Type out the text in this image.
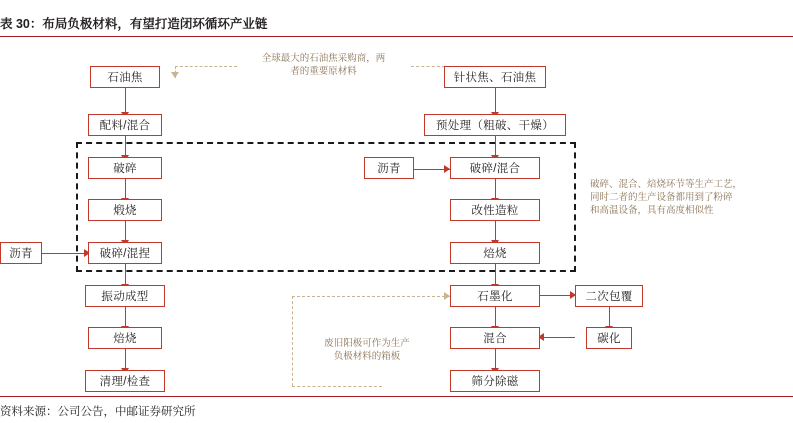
表 30：布局负极材料，有望打造闭环循环产业链
全球最大的石油焦采购商，两
者的重要原材料
破碎、混合、焙烧环节等生产工艺，
同时二者的生产设备都用到了粉碎
和高温设备，具有高度相似性
废旧阳极可作为生产
负极材料的箱板
石油焦
配料/混合
破碎
煅烧
破碎/混捏
振动成型
焙烧
清理/检查
沥青
针状焦、石油焦
预处理（粗破、干燥）
沥青	破碎/混合
改性造粒
焙烧
石墨化
混合
筛分除磁
二次包覆
碳化
资料来源：公司公告，中邮证券研究所
